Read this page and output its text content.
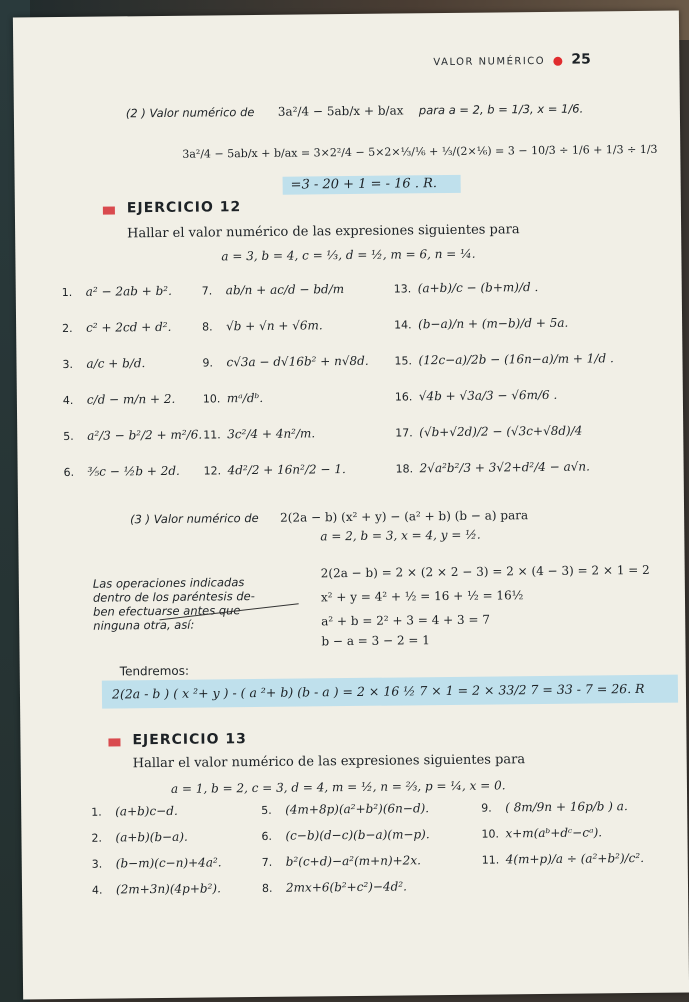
VALOR NUMÉRICO 25
(2 ) Valor numérico de 3a²/4 − 5ab/x + b/ax para a = 2, b = 1/3, x = 1/6.
3a²/4 − 5ab/x + b/ax = 3×2²/4 − 5×2×⅓/⅙ + ⅓/(2×⅙) = 3 − 10/3 ÷ 1/6 + 1/3 ÷ 1/3
=3 - 20 + 1 = - 16 . R.
EJERCICIO 12
Hallar el valor numérico de las expresiones siguientes para
a = 3, b = 4, c = ⅓, d = ½, m = 6, n = ¼.
1. a² − 2ab + b².	7. ab/n + ac/d − bd/m	13. (a+b)/c − (b+m)/d .
2. c² + 2cd + d².	8. √b + √n + √6m.	14. (b−a)/n + (m−b)/d + 5a.
3. a/c + b/d.	9. c√3a − d√16b² + n√8d. 15. (12c−a)/2b − (16n−a)/m + 1/d .
4. c/d − m/n + 2. 10. mᵃ/dᵇ.	16. √4b + √3a/3 − √6m/6 .
5. a²/3 − b²/2 + m²/6. 11. 3c²/4 + 4n²/m.	17. (√b+√2d)/2 − (√3c+√8d)/4
6. ⅗c − ½b + 2d. 12. 4d²/2 + 16n²/2 − 1.	18. 2√a²b²/3 + 3√2+d²/4 − a√n.
(3 ) Valor numérico de 2(2a − b) (x² + y) − (a² + b) (b − a) para
a = 2, b = 3, x = 4, y = ½.
Las operaciones indicadas
dentro de los paréntesis de-
ben efectuarse antes que
ninguna otra, así:
2(2a − b) = 2 × (2 × 2 − 3) = 2 × (4 − 3) = 2 × 1 = 2
x² + y = 4² + ½ = 16 + ½ = 16½
a² + b = 2² + 3 = 4 + 3 = 7
b − a = 3 − 2 = 1
Tendremos:
2(2a - b ) ( x ²+ y ) - ( a ²+ b) (b - a ) = 2 × 16 ½ 7 × 1 = 2 × 33/2 7 = 33 - 7 = 26. R
EJERCICIO 13
Hallar el valor numérico de las expresiones siguientes para
a = 1, b = 2, c = 3, d = 4, m = ½, n = ⅔, p = ¼, x = 0.
1. (a+b)c−d.	5. (4m+8p)(a²+b²)(6n−d).	9. ( 8m/9n + 16p/b ) a.
2. (a+b)(b−a).	6. (c−b)(d−c)(b−a)(m−p).	10. x+m(aᵇ+dᶜ−cᵃ).
3. (b−m)(c−n)+4a².	7. b²(c+d)−a²(m+n)+2x.	11. 4(m+p)/a ÷ (a²+b²)/c².
4. (2m+3n)(4p+b²).	8. 2mx+6(b²+c²)−4d².
